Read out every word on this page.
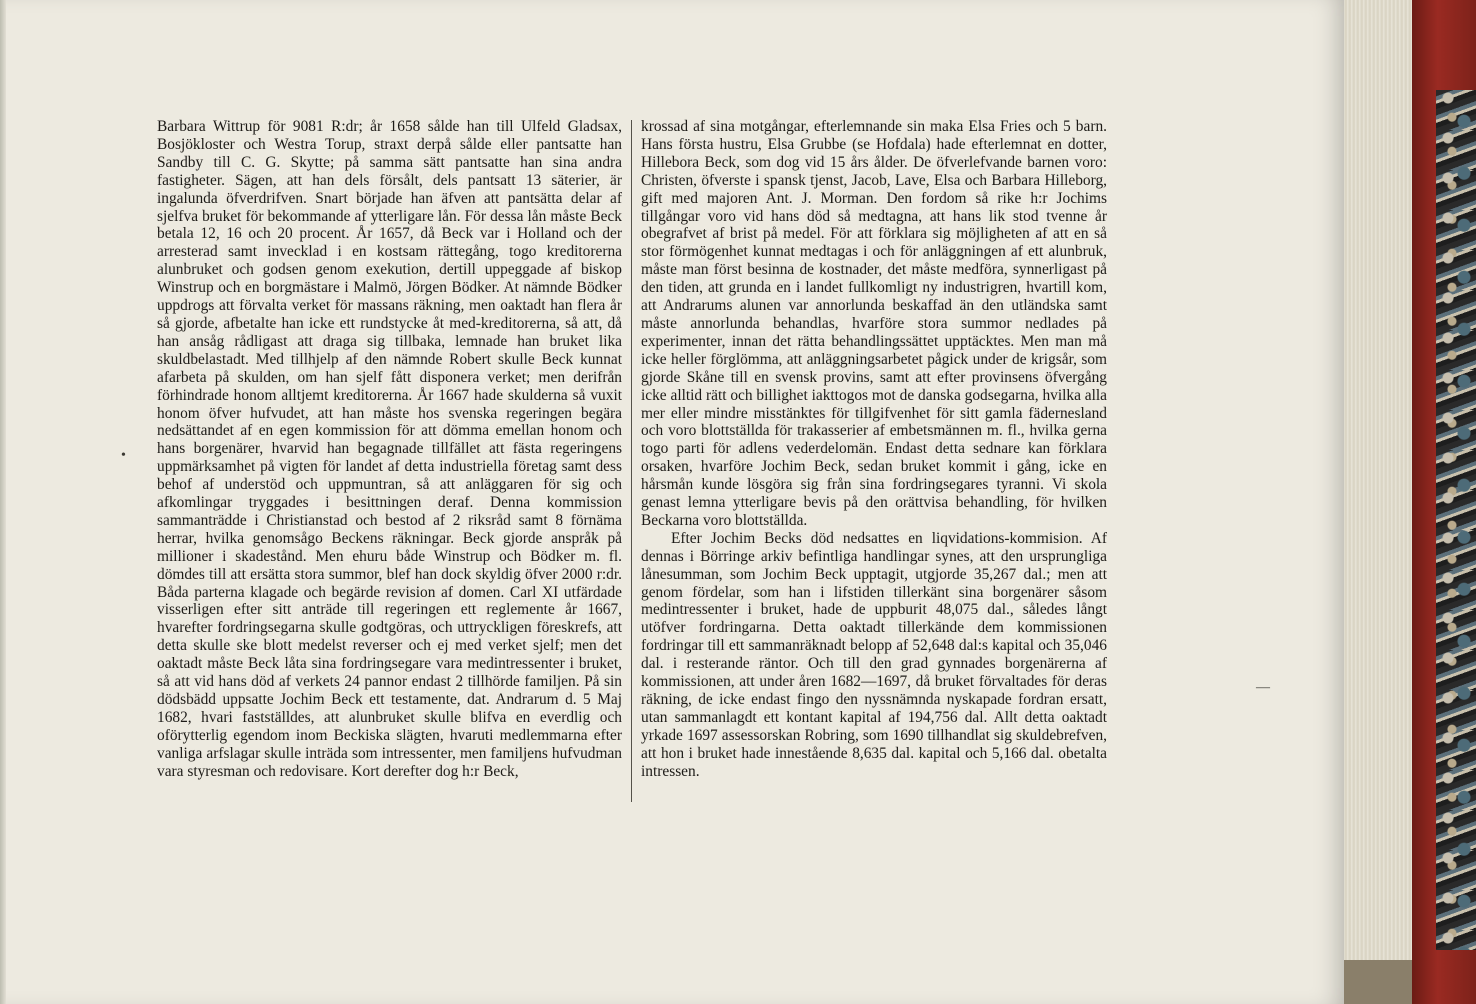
•
—

Barbara Wittrup för 9081 R:dr; år 1658 sålde han till Ulfeld Gladsax, Bosjökloster och Westra Torup, straxt derpå sålde eller pantsatte han Sandby till C. G. Skytte; på samma sätt pantsatte han sina andra fastigheter. Sägen, att han dels försålt, dels pantsatt 13 säterier, är ingalunda öfverdrifven. Snart började han äfven att pantsätta delar af sjelfva bruket för bekommande af ytterligare lån. För dessa lån måste Beck betala 12, 16 och 20 procent. År 1657, då Beck var i Holland och der arresterad samt invecklad i en kostsam rättegång, togo kreditorerna alunbruket och godsen genom exekution, dertill uppeggade af biskop Winstrup och en borgmästare i Malmö, Jörgen Bödker. At nämnde Bödker uppdrogs att förvalta verket för massans räkning, men oaktadt han flera år så gjorde, afbetalte han icke ett rundstycke åt med-kreditorerna, så att, då han ansåg rådligast att draga sig tillbaka, lemnade han bruket lika skuldbelastadt. Med tillhjelp af den nämnde Robert skulle Beck kunnat afarbeta på skulden, om han sjelf fått disponera verket; men derifrån förhindrade honom alltjemt kreditorerna. År 1667 hade skulderna så vuxit honom öfver hufvudet, att han måste hos svenska regeringen begära nedsättandet af en egen kommission för att dömma emellan honom och hans borgenärer, hvarvid han begagnade tillfället att fästa regeringens uppmärksamhet på vigten för landet af detta industriella företag samt dess behof af understöd och uppmuntran, så att anläggaren för sig och afkomlingar tryggades i besittningen deraf. Denna kommission sammanträdde i Christianstad och bestod af 2 riksråd samt 8 förnäma herrar, hvilka genomsågo Beckens räkningar. Beck gjorde anspråk på millioner i skadestånd. Men ehuru både Winstrup och Bödker m. fl. dömdes till att ersätta stora summor, blef han dock skyldig öfver 2000 r:dr. Båda parterna klagade och begärde revision af domen. Carl XI utfärdade visserligen efter sitt anträde till regeringen ett reglemente år 1667, hvarefter fordringsegarna skulle godtgöras, och uttryckligen föreskrefs, att detta skulle ske blott medelst reverser och ej med verket sjelf; men det oaktadt måste Beck låta sina fordringsegare vara medintressenter i bruket, så att vid hans död af verkets 24 pannor endast 2 tillhörde familjen. På sin dödsbädd uppsatte Jochim Beck ett testamente, dat. Andrarum d. 5 Maj 1682, hvari fastställdes, att alunbruket skulle blifva en everdlig och oförytterlig egendom inom Beckiska slägten, hvaruti medlemmarna efter vanliga arfslagar skulle inträda som intressenter, men familjens hufvudman vara styresman och redovisare. Kort derefter dog h:r Beck,

krossad af sina motgångar, efterlemnande sin maka Elsa Fries och 5 barn. Hans första hustru, Elsa Grubbe (se Hofdala) hade efterlemnat en dotter, Hillebora Beck, som dog vid 15 års ålder. De öfverlefvande barnen voro: Christen, öfverste i spansk tjenst, Jacob, Lave, Elsa och Barbara Hilleborg, gift med majoren Ant. J. Morman. Den fordom så rike h:r Jochims tillgångar voro vid hans död så medtagna, att hans lik stod tvenne år obegrafvet af brist på medel. För att förklara sig möjligheten af att en så stor förmögenhet kunnat medtagas i och för anläggningen af ett alunbruk, måste man först besinna de kostnader, det måste medföra, synnerligast på den tiden, att grunda en i landet fullkomligt ny industrigren, hvartill kom, att Andrarums alunen var annorlunda beskaffad än den utländska samt måste annorlunda behandlas, hvarföre stora summor nedlades på experimenter, innan det rätta behandlingssättet upptäcktes. Men man må icke heller förglömma, att anläggningsarbetet pågick under de krigsår, som gjorde Skåne till en svensk provins, samt att efter provinsens öfvergång icke alltid rätt och billighet iakttogos mot de danska godsegarna, hvilka alla mer eller mindre misstänktes för tillgifvenhet för sitt gamla fädernesland och voro blottställda för trakasserier af embetsmännen m. fl., hvilka gerna togo parti för adlens vederdelomän. Endast detta sednare kan förklara orsaken, hvarföre Jochim Beck, sedan bruket kommit i gång, icke en hårsmån kunde lösgöra sig från sina fordringsegares tyranni. Vi skola genast lemna ytterligare bevis på den orättvisa behandling, för hvilken Beckarna voro blottställda.

Efter Jochim Becks död nedsattes en liqvidations-kommision. Af dennas i Börringe arkiv befintliga handlingar synes, att den ursprungliga lånesumman, som Jochim Beck upptagit, utgjorde 35,267 dal.; men att genom fördelar, som han i lifstiden tillerkänt sina borgenärer såsom medintressenter i bruket, hade de uppburit 48,075 dal., således långt utöfver fordringarna. Detta oaktadt tillerkände dem kommissionen fordringar till ett sammanräknadt belopp af 52,648 dal:s kapital och 35,046 dal. i resterande räntor. Och till den grad gynnades borgenärerna af kommissionen, att under åren 1682—1697, då bruket förvaltades för deras räkning, de icke endast fingo den nyssnämnda nyskapade fordran ersatt, utan sammanlagdt ett kontant kapital af 194,756 dal. Allt detta oaktadt yrkade 1697 assessorskan Robring, som 1690 tillhandlat sig skuldebrefven, att hon i bruket hade innestående 8,635 dal. kapital och 5,166 dal. obetalta intressen.
